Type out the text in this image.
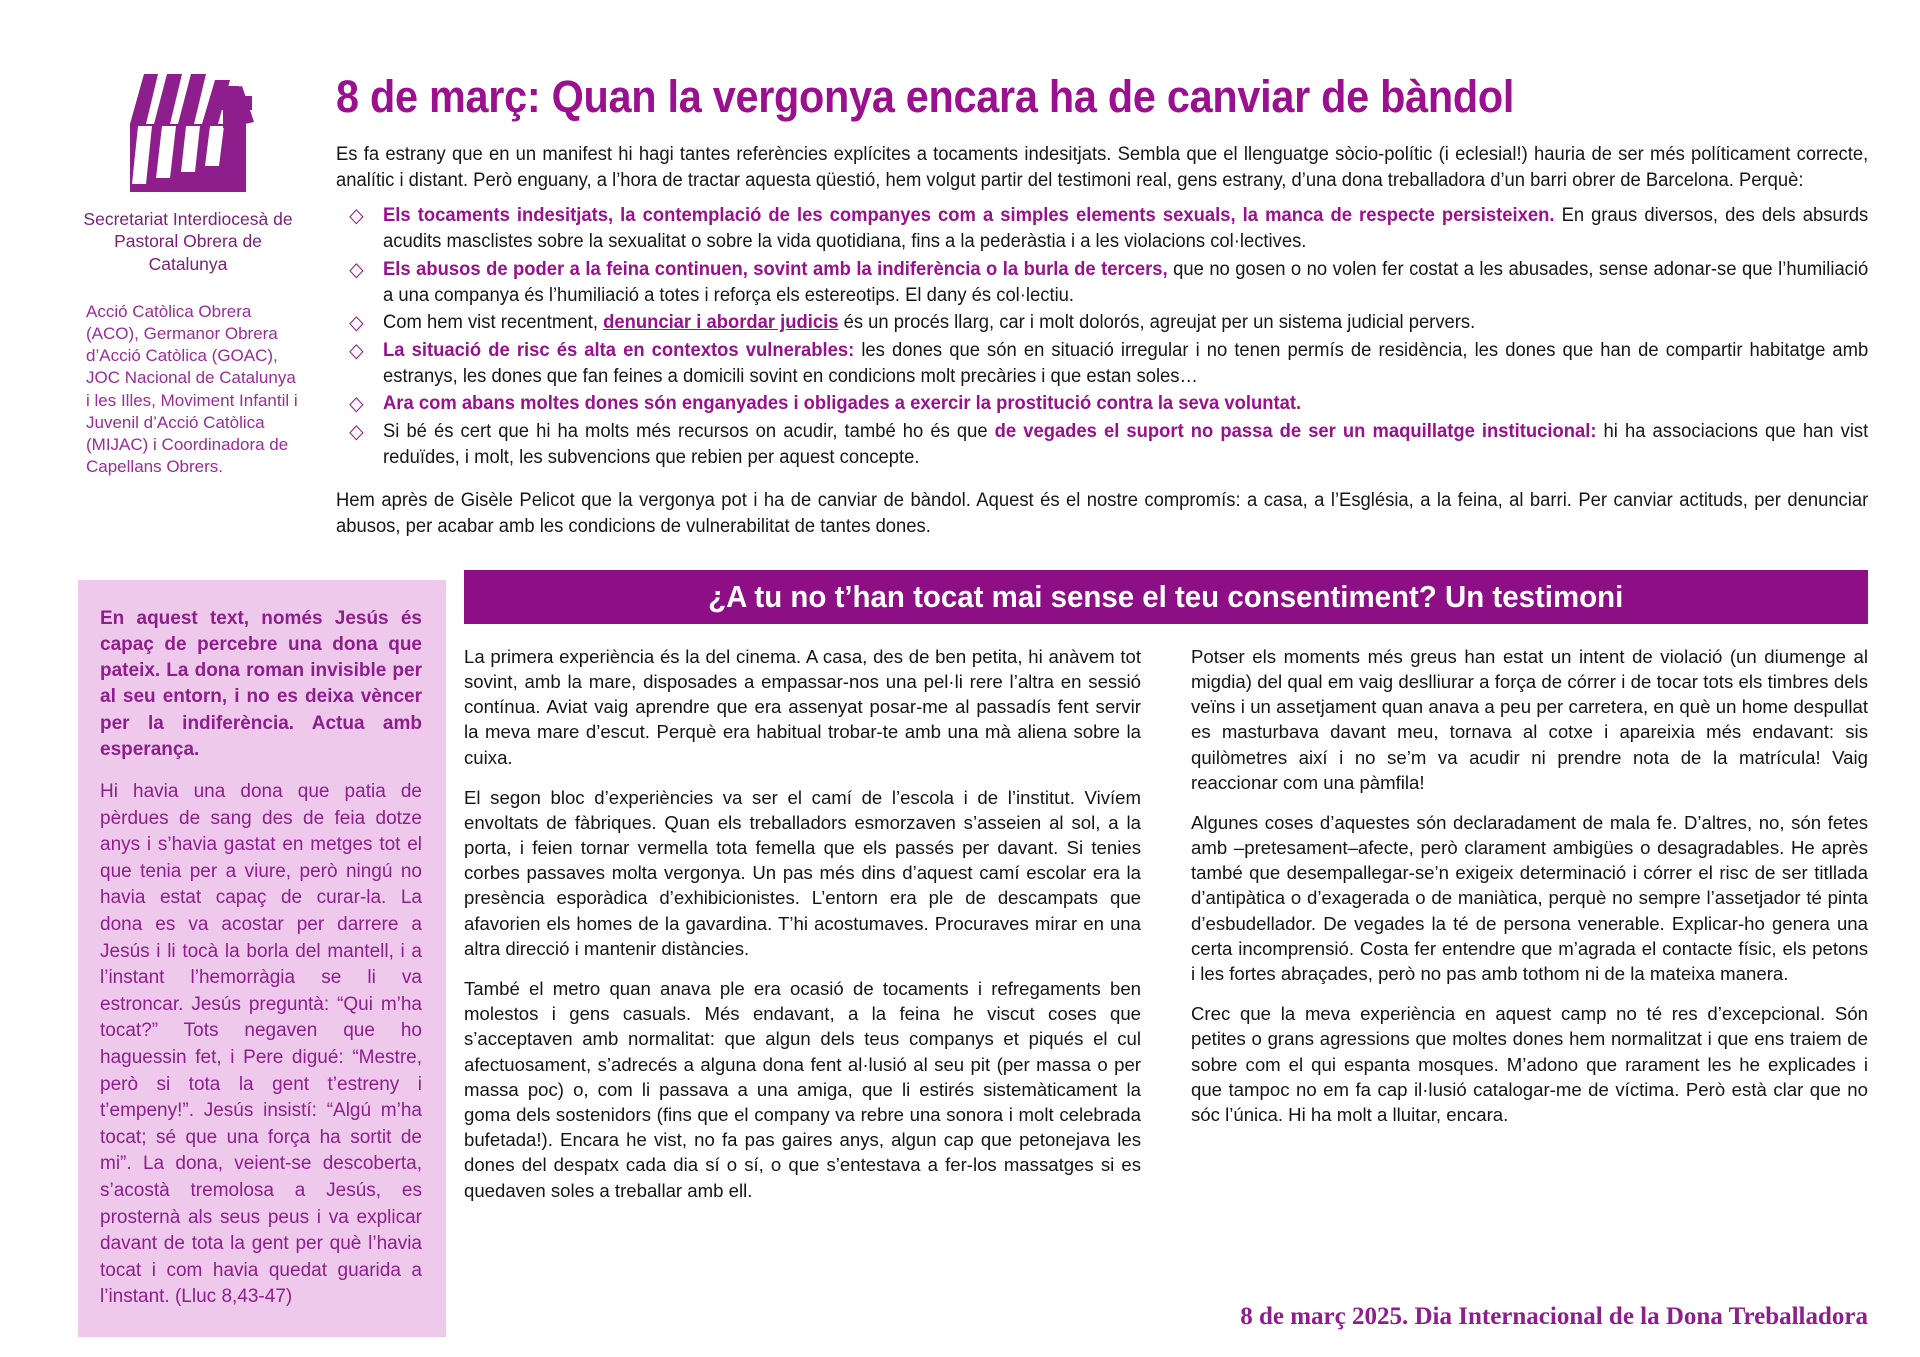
Secretariat Interdiocesà de Pastoral Obrera de Catalunya
Acció Catòlica Obrera (ACO), Germanor Obrera d’Acció Catòlica (GOAC), JOC Nacional de Catalunya i les Illes, Moviment Infantil i Juvenil d’Acció Catòlica (MIJAC) i Coordinadora de Capellans Obrers.
8 de març: Quan la vergonya encara ha de canviar de bàndol
Es fa estrany que en un manifest hi hagi tantes referències explícites a tocaments indesitjats. Sembla que el llenguatge sòcio-polític (i eclesial!) hauria de ser més políticament correcte, analític i distant. Però enguany, a l’hora de tractar aquesta qüestió, hem volgut partir del testimoni real, gens estrany, d’una dona treballadora d’un barri obrer de Barcelona. Perquè:
◇ Els tocaments indesitjats, la contemplació de les companyes com a simples elements sexuals, la manca de respecte persisteixen. En graus diversos, des dels absurds acudits masclistes sobre la sexualitat o sobre la vida quotidiana, fins a la pederàstia i a les violacions col·lectives.
◇ Els abusos de poder a la feina continuen, sovint amb la indiferència o la burla de tercers, que no gosen o no volen fer costat a les abusades, sense adonar-se que l’humiliació a una companya és l’humiliació a totes i reforça els estereotips. El dany és col·lectiu.
◇ Com hem vist recentment, denunciar i abordar judicis és un procés llarg, car i molt dolorós, agreujat per un sistema judicial pervers.
◇ La situació de risc és alta en contextos vulnerables: les dones que són en situació irregular i no tenen permís de residència, les dones que han de compartir habitatge amb estranys, les dones que fan feines a domicili sovint en condicions molt precàries i que estan soles…
◇ Ara com abans moltes dones són enganyades i obligades a exercir la prostitució contra la seva voluntat.
◇ Si bé és cert que hi ha molts més recursos on acudir, també ho és que de vegades el suport no passa de ser un maquillatge institucional: hi ha associacions que han vist reduïdes, i molt, les subvencions que rebien per aquest concepte.
Hem après de Gisèle Pelicot que la vergonya pot i ha de canviar de bàndol. Aquest és el nostre compromís: a casa, a l’Església, a la feina, al barri. Per canviar actituds, per denunciar abusos, per acabar amb les condicions de vulnerabilitat de tantes dones.
En aquest text, només Jesús és capaç de percebre una dona que pateix. La dona roman invisible per al seu entorn, i no es deixa vèncer per la indiferència. Actua amb esperança.
Hi havia una dona que patia de pèrdues de sang des de feia dotze anys i s’havia gastat en metges tot el que tenia per a viure, però ningú no havia estat capaç de curar-la. La dona es va acostar per darrere a Jesús i li tocà la borla del mantell, i a l’instant l’hemorràgia se li va estroncar. Jesús preguntà: “Qui m’ha tocat?” Tots negaven que ho haguessin fet, i Pere digué: “Mestre, però si tota la gent t’estreny i t’empeny!”. Jesús insistí: “Algú m’ha tocat; sé que una força ha sortit de mi”. La dona, veient-se descoberta, s’acostà tremolosa a Jesús, es prosternà als seus peus i va explicar davant de tota la gent per què l’havia tocat i com havia quedat guarida a l’instant. (Lluc 8,43-47)
¿A tu no t’han tocat mai sense el teu consentiment? Un testimoni

La primera experiència és la del cinema. A casa, des de ben petita, hi anàvem tot sovint, amb la mare, disposades a empassar-nos una pel·li rere l’altra en sessió contínua. Aviat vaig aprendre que era assenyat posar-me al passadís fent servir la meva mare d’escut. Perquè era habitual trobar-te amb una mà aliena sobre la cuixa.

El segon bloc d’experiències va ser el camí de l’escola i de l’institut. Vivíem envoltats de fàbriques. Quan els treballadors esmorzaven s’asseien al sol, a la porta, i feien tornar vermella tota femella que els passés per davant. Si tenies corbes passaves molta vergonya. Un pas més dins d’aquest camí escolar era la presència esporàdica d’exhibicionistes. L’entorn era ple de descampats que afavorien els homes de la gavardina. T’hi acostumaves. Procuraves mirar en una altra direcció i mantenir distàncies.

També el metro quan anava ple era ocasió de tocaments i refregaments ben molestos i gens casuals. Més endavant, a la feina he viscut coses que s’acceptaven amb normalitat: que algun dels teus companys et piqués el cul afectuosament, s’adrecés a alguna dona fent al·lusió al seu pit (per massa o per massa poc) o, com li passava a una amiga, que li estirés sistemàticament la goma dels sostenidors (fins que el company va rebre una sonora i molt celebrada bufetada!). Encara he vist, no fa pas gaires anys, algun cap que petonejava les dones del despatx cada dia sí o sí, o que s’entestava a fer-los massatges si es quedaven soles a treballar amb ell.

Potser els moments més greus han estat un intent de violació (un diumenge al migdia) del qual em vaig deslliurar a força de córrer i de tocar tots els timbres dels veïns i un assetjament quan anava a peu per carretera, en què un home despullat es masturbava davant meu, tornava al cotxe i apareixia més endavant: sis quilòmetres així i no se’m va acudir ni prendre nota de la matrícula! Vaig reaccionar com una pàmfila!

Algunes coses d’aquestes són declaradament de mala fe. D’altres, no, són fetes amb –pretesament–afecte, però clarament ambigües o desagradables. He après també que desempallegar-se’n exigeix determinació i córrer el risc de ser titllada d’antipàtica o d’exagerada o de maniàtica, perquè no sempre l’assetjador té pinta d’esbudellador. De vegades la té de persona venerable. Explicar-ho genera una certa incomprensió. Costa fer entendre que m’agrada el contacte físic, els petons i les fortes abraçades, però no pas amb tothom ni de la mateixa manera.

Crec que la meva experiència en aquest camp no té res d’excepcional. Són petites o grans agressions que moltes dones hem normalitzat i que ens traiem de sobre com el qui espanta mosques. M’adono que rarament les he explicades i que tampoc no em fa cap il·lusió catalogar-me de víctima. Però està clar que no sóc l’única. Hi ha molt a lluitar, encara.

8 de març 2025. Dia Internacional de la Dona Treballadora
